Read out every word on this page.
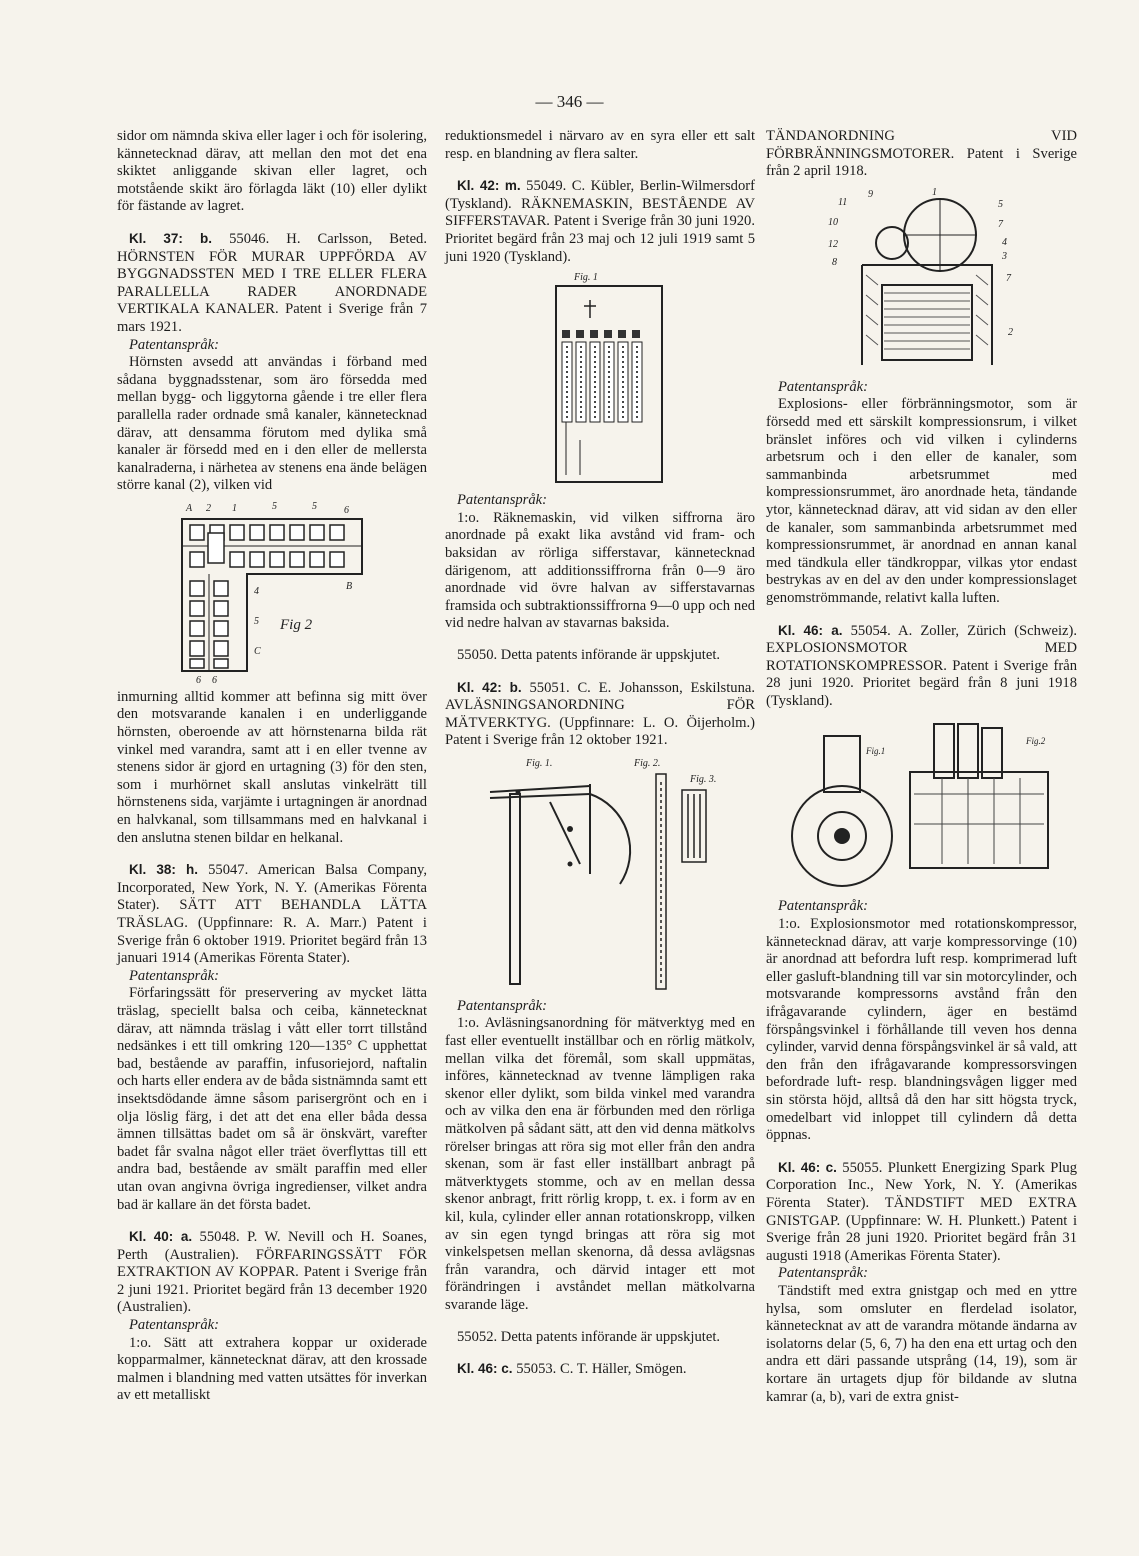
— 346 —

sidor om nämnda skiva eller lager i och för isolering, kännetecknad därav, att mellan den mot det ena skiktet anliggande skivan eller lagret, och motstående skikt äro förlagda läkt (10) eller dylikt för fästande av lagret.

Kl. 37: b. 55046. H. Carlsson, Beted. HÖRNSTEN FÖR MURAR UPPFÖRDA AV BYGGNADSSTEN MED I TRE ELLER FLERA PARALLELLA RADER ANORDNADE VERTIKALA KANALER. Patent i Sverige från 7 mars 1921.

Patentanspråk:

Hörnsten avsedd att användas i förband med sådana byggnadsstenar, som äro försedda med mellan bygg- och liggytorna gående i tre eller flera parallella rader ordnade små kanaler, kännetecknad därav, att densamma förutom med dylika små kanaler är försedd med en i den eller de mellersta kanalraderna, i närhetea av stenens ena ände belägen större kanal (2), vilken vid

A 2 1	5	5	6
B
4
5
C
6 6
Fig 2

inmurning alltid kommer att befinna sig mitt över den motsvarande kanalen i en underliggande hörnsten, oberoende av att hörnstenarna bilda rät vinkel med varandra, samt att i en eller tvenne av stenens sidor är gjord en urtagning (3) för den sten, som i murhörnet skall anslutas vinkelrätt till hörnstenens sida, varjämte i urtagningen är anordnad en halvkanal, som tillsammans med en halvkanal i den anslutna stenen bildar en helkanal.

Kl. 38: h. 55047. American Balsa Company, Incorporated, New York, N. Y. (Amerikas Förenta Stater). SÄTT ATT BEHANDLA LÄTTA TRÄSLAG. (Uppfinnare: R. A. Marr.) Patent i Sverige från 6 oktober 1919. Prioritet begärd från 13 januari 1914 (Amerikas Förenta Stater).

Patentanspråk:

Förfaringssätt för preservering av mycket lätta träslag, speciellt balsa och ceiba, kännetecknat därav, att nämnda träslag i vått eller torrt tillstånd nedsänkes i ett till omkring 120—135° C upphettat bad, bestående av paraffin, infusoriejord, naftalin och harts eller endera av de båda sistnämnda samt ett insektsdödande ämne såsom parisergrönt och en i olja löslig färg, i det att det ena eller båda dessa ämnen tillsättas badet om så är önskvärt, varefter badet får svalna något eller träet överflyttas till ett andra bad, bestående av smält paraffin med eller utan ovan angivna övriga ingredienser, vilket andra bad är kallare än det första badet.

Kl. 40: a. 55048. P. W. Nevill och H. Soanes, Perth (Australien). FÖRFARINGSSÄTT FÖR EXTRAKTION AV KOPPAR. Patent i Sverige från 2 juni 1921. Prioritet begärd från 13 december 1920 (Australien).

Patentanspråk:

1:o. Sätt att extrahera koppar ur oxiderade kopparmalmer, kännetecknat därav, att den krossade malmen i blandning med vatten utsättes för inverkan av ett metalliskt

reduktionsmedel i närvaro av en syra eller ett salt resp. en blandning av flera salter.

Kl. 42: m. 55049. C. Kübler, Berlin-Wilmersdorf (Tyskland). RÄKNEMASKIN, BESTÅENDE AV SIFFERSTAVAR. Patent i Sverige från 30 juni 1920. Prioritet begärd från 23 maj och 12 juli 1919 samt 5 juni 1920 (Tyskland).

Fig. 1

Patentanspråk:

1:o. Räknemaskin, vid vilken siffrorna äro anordnade på exakt lika avstånd vid fram- och baksidan av rörliga sifferstavar, kännetecknad därigenom, att additionssiffrorna från 0—9 äro anordnade vid övre halvan av sifferstavarnas framsida och subtraktionssiffrorna 9—0 upp och ned vid nedre halvan av stavarnas baksida.

55050. Detta patents införande är uppskjutet.

Kl. 42: b. 55051. C. E. Johansson, Eskilstuna. AVLÄSNINGSANORDNING FÖR MÄTVERKTYG. (Uppfinnare: L. O. Öijerholm.) Patent i Sverige från 12 oktober 1921.

Fig. 1.	Fig. 2.
Fig. 3.

Patentanspråk:

1:o. Avläsningsanordning för mätverktyg med en fast eller eventuellt inställbar och en rörlig mätkolv, mellan vilka det föremål, som skall uppmätas, införes, kännetecknad av tvenne lämpligen raka skenor eller dylikt, som bilda vinkel med varandra och av vilka den ena är förbunden med den rörliga mätkolven på sådant sätt, att den vid denna mätkolvs rörelser bringas att röra sig mot eller från den andra skenan, som är fast eller inställbart anbragt på mätverktygets stomme, och av en mellan dessa skenor anbragt, fritt rörlig kropp, t. ex. i form av en kil, kula, cylinder eller annan rotationskropp, vilken av sin egen tyngd bringas att röra sig mot vinkelspetsen mellan skenorna, då dessa avlägsnas från varandra, och därvid intager ett mot förändringen i avståndet mellan mätkolvarna svarande läge.

55052. Detta patents införande är uppskjutet.

Kl. 46: c. 55053. C. T. Häller, Smögen.

TÄNDANORDNING VID FÖRBRÄNNINGSMOTORER. Patent i Sverige från 2 april 1918.

11
9
5
10	7
12	4
3
8
1
7
2

Patentanspråk:

Explosions- eller förbränningsmotor, som är försedd med ett särskilt kompressionsrum, i vilket bränslet införes och vid vilken i cylinderns arbetsrum och i den eller de kanaler, som sammanbinda arbetsrummet med kompressionsrummet, äro anordnade heta, tändande ytor, kännetecknad därav, att vid sidan av den eller de kanaler, som sammanbinda arbetsrummet med kompressionsrummet, är anordnad en annan kanal med tändkula eller tändkroppar, vilkas ytor endast bestrykas av en del av den under kompressionslaget genomströmmande, relativt kalla luften.

Kl. 46: a. 55054. A. Zoller, Zürich (Schweiz). EXPLOSIONSMOTOR MED ROTATIONSKOMPRESSOR. Patent i Sverige från 28 juni 1920. Prioritet begärd från 8 juni 1918 (Tyskland).

Fig.1
Fig.2

Patentanspråk:

1:o. Explosionsmotor med rotationskompressor, kännetecknad därav, att varje kompressorvinge (10) är anordnad att befordra luft resp. komprimerad luft eller gasluft-blandning till var sin motorcylinder, och motsvarande kompressorns avstånd från den ifrågavarande cylindern, äger en bestämd förspångsvinkel i förhållande till veven hos denna cylinder, varvid denna förspångsvinkel är så vald, att den från den ifrågavarande kompressorsvingen befordrade luft- resp. blandningsvågen ligger med sin största höjd, alltså då den har sitt högsta tryck, omedelbart vid inloppet till cylindern då detta öppnas.

Kl. 46: c. 55055. Plunkett Energizing Spark Plug Corporation Inc., New York, N. Y. (Amerikas Förenta Stater). TÄNDSTIFT MED EXTRA GNISTGAP. (Uppfinnare: W. H. Plunkett.) Patent i Sverige från 28 juni 1920. Prioritet begärd från 31 augusti 1918 (Amerikas Förenta Stater).

Patentanspråk:

Tändstift med extra gnistgap och med en yttre hylsa, som omsluter en flerdelad isolator, kännetecknat av att de varandra mötande ändarna av isolatorns delar (5, 6, 7) ha den ena ett urtag och den andra ett däri passande utsprång (14, 19), som är kortare än urtagets djup för bildande av slutna kamrar (a, b), vari de extra gnist-
